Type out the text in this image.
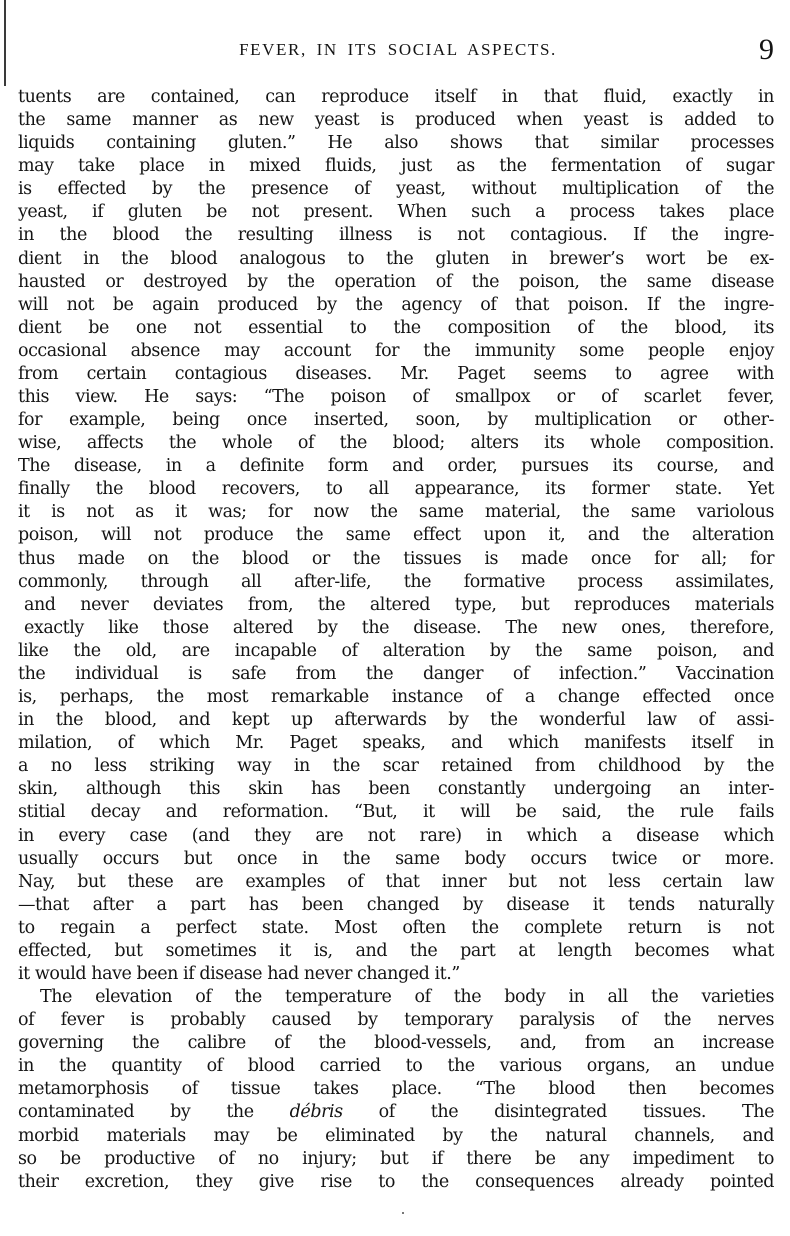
FEVER, IN ITS SOCIAL ASPECTS.	9
tuents are contained, can reproduce itself in that fluid, exactly in
the same manner as new yeast is produced when yeast is added to
liquids containing gluten.” He also shows that similar processes
may take place in mixed fluids, just as the fermentation of sugar
is effected by the presence of yeast, without multiplication of the
yeast, if gluten be not present. When such a process takes place
in the blood the resulting illness is not contagious. If the ingre-
dient in the blood analogous to the gluten in brewer’s wort be ex-
hausted or destroyed by the operation of the poison, the same disease
will not be again produced by the agency of that poison. If the ingre-
dient be one not essential to the composition of the blood, its
occasional absence may account for the immunity some people enjoy
from certain contagious diseases. Mr. Paget seems to agree with
this view. He says: “The poison of smallpox or of scarlet fever,
for example, being once inserted, soon, by multiplication or other-
wise, affects the whole of the blood; alters its whole composition.
The disease, in a definite form and order, pursues its course, and
finally the blood recovers, to all appearance, its former state. Yet
it is not as it was; for now the same material, the same variolous
poison, will not produce the same effect upon it, and the alteration
thus made on the blood or the tissues is made once for all; for
commonly, through all after-life, the formative process assimilates,
and never deviates from, the altered type, but reproduces materials
exactly like those altered by the disease. The new ones, therefore,
like the old, are incapable of alteration by the same poison, and
the individual is safe from the danger of infection.” Vaccination
is, perhaps, the most remarkable instance of a change effected once
in the blood, and kept up afterwards by the wonderful law of assi-
milation, of which Mr. Paget speaks, and which manifests itself in
a no less striking way in the scar retained from childhood by the
skin, although this skin has been constantly undergoing an inter-
stitial decay and reformation. “But, it will be said, the rule fails
in every case (and they are not rare) in which a disease which
usually occurs but once in the same body occurs twice or more.
Nay, but these are examples of that inner but not less certain law
—that after a part has been changed by disease it tends naturally
to regain a perfect state. Most often the complete return is not
effected, but sometimes it is, and the part at length becomes what
it would have been if disease had never changed it.”
The elevation of the temperature of the body in all the varieties
of fever is probably caused by temporary paralysis of the nerves
governing the calibre of the blood-vessels, and, from an increase
in the quantity of blood carried to the various organs, an undue
metamorphosis of tissue takes place. “The blood then becomes
contaminated by the débris of the disintegrated tissues. The
morbid materials may be eliminated by the natural channels, and
so be productive of no injury; but if there be any impediment to
their excretion, they give rise to the consequences already pointed
